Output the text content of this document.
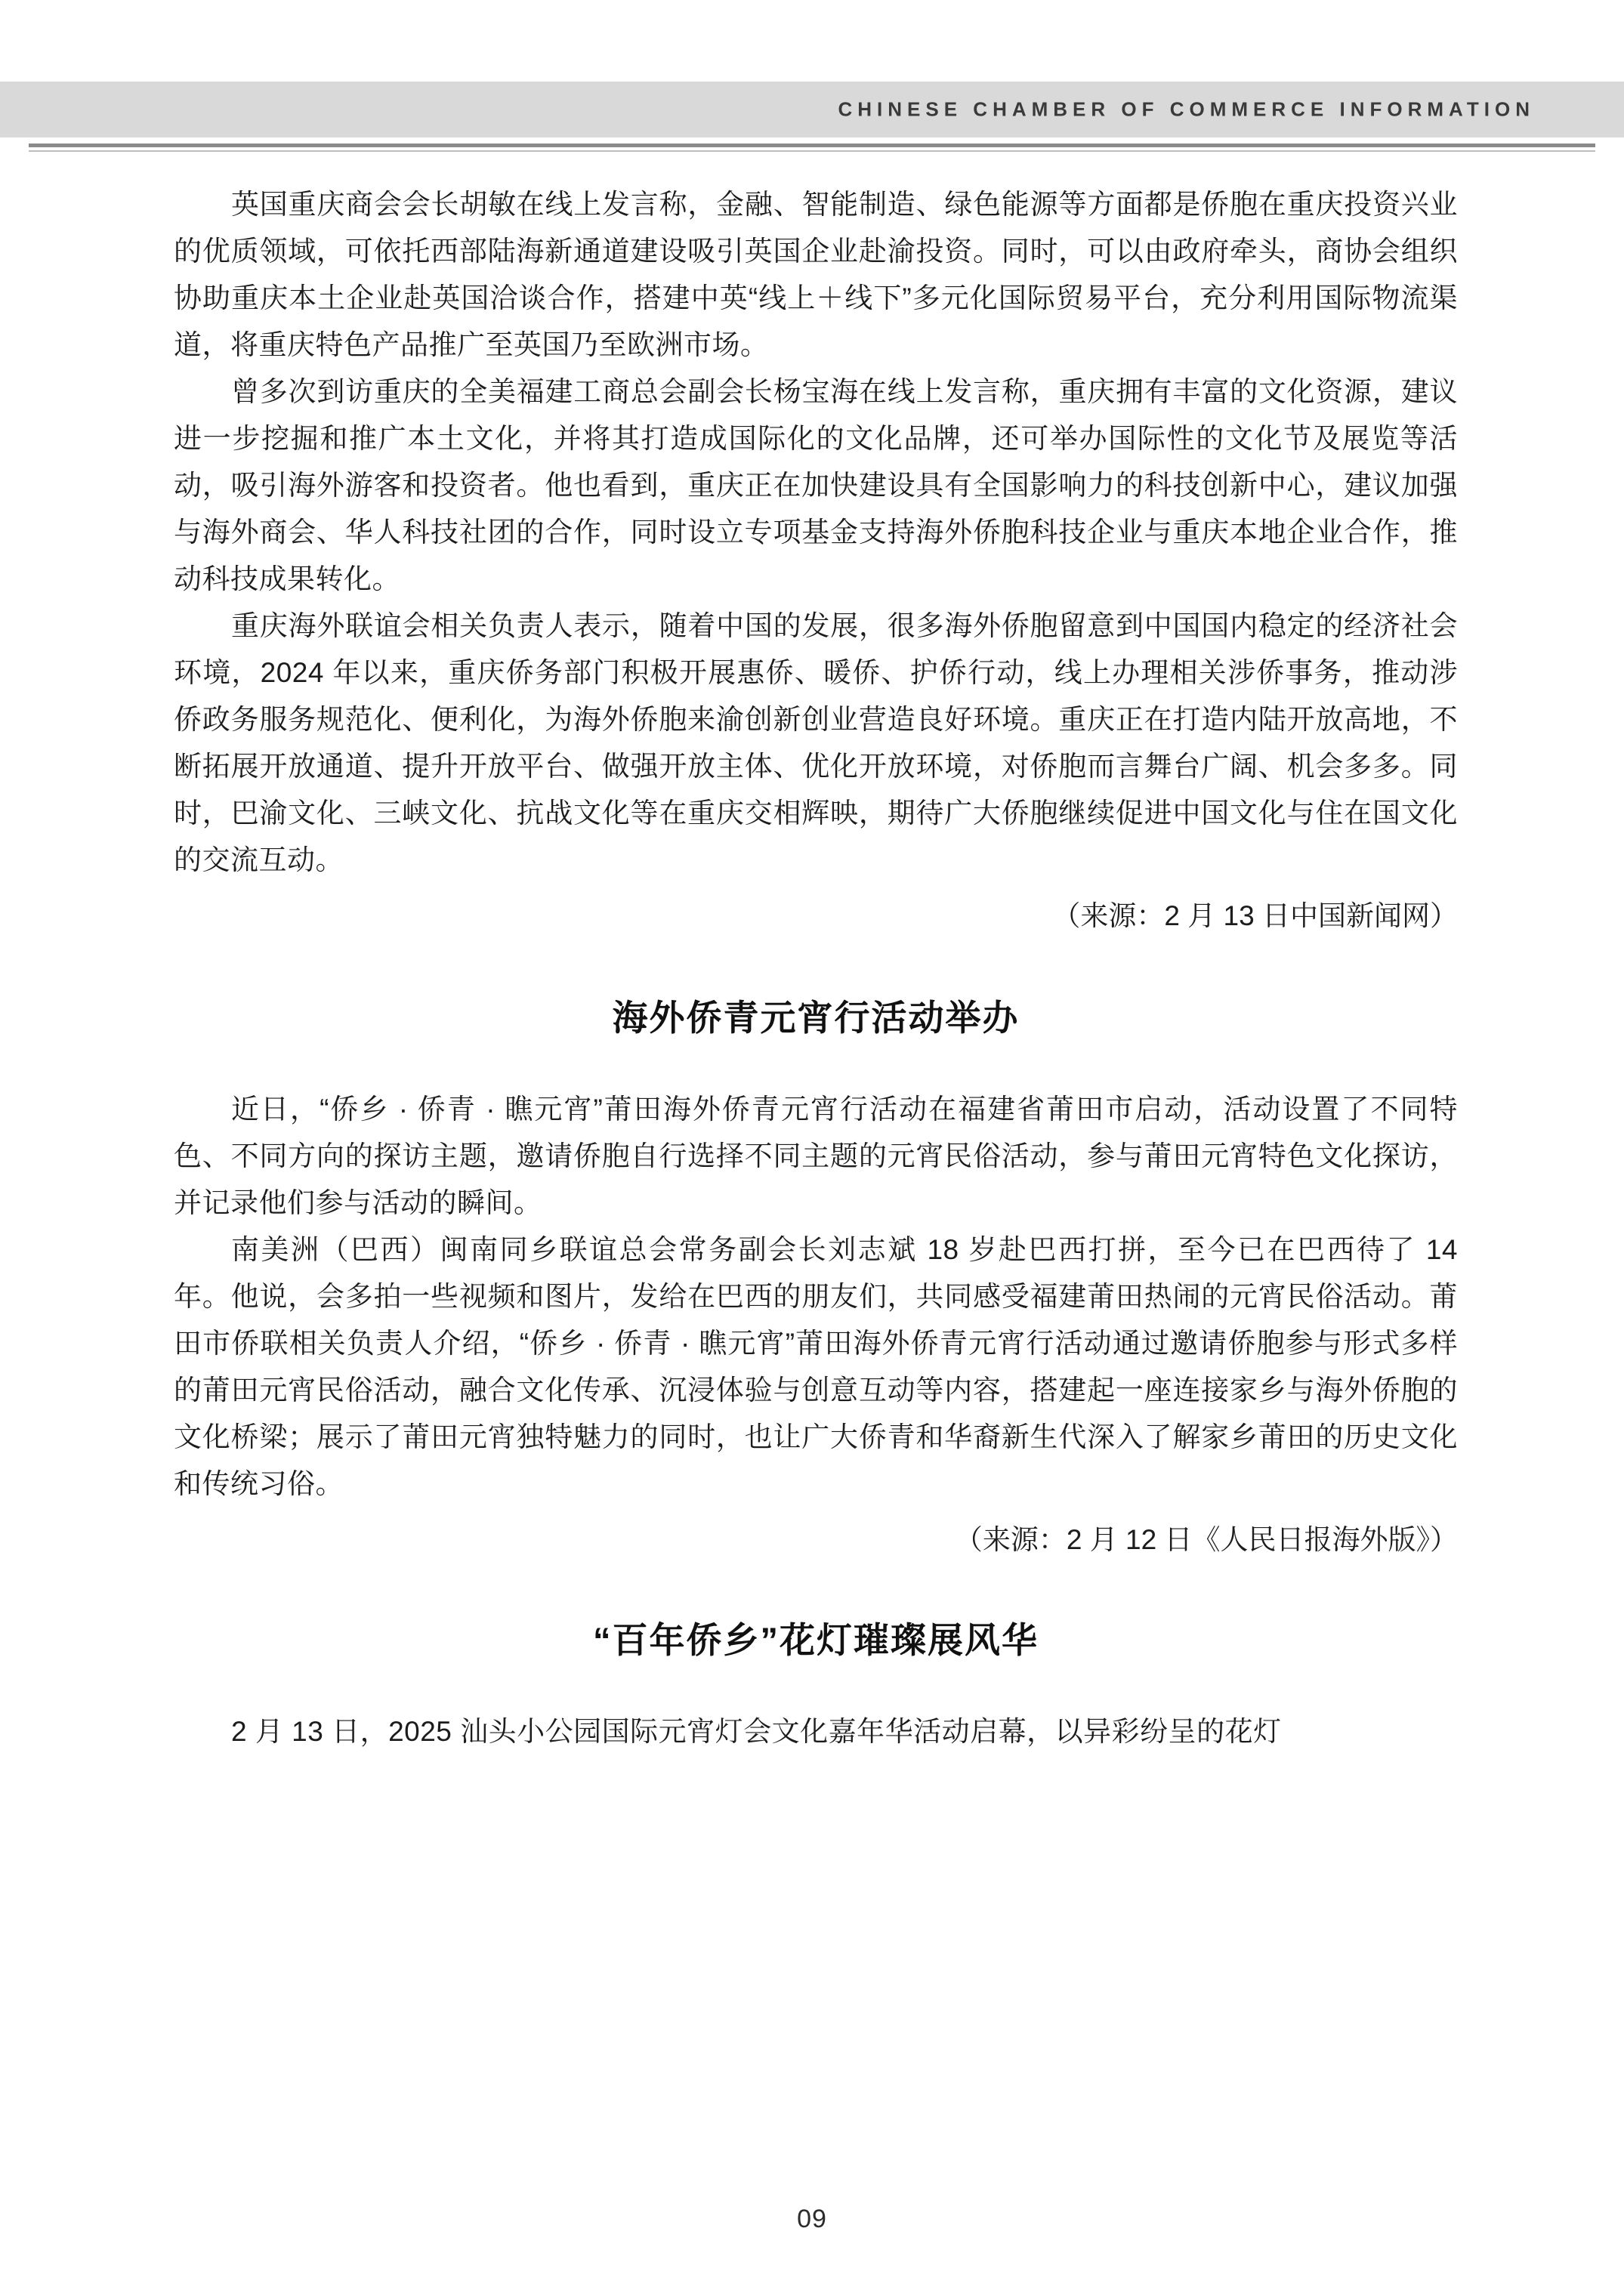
CHINESE CHAMBER OF COMMERCE INFORMATION

英国重庆商会会长胡敏在线上发言称，金融、智能制造、绿色能源等方面都是侨胞在重庆投资兴业的优质领域，可依托西部陆海新通道建设吸引英国企业赴渝投资。同时，可以由政府牵头，商协会组织协助重庆本土企业赴英国洽谈合作，搭建中英“线上＋线下”多元化国际贸易平台，充分利用国际物流渠道，将重庆特色产品推广至英国乃至欧洲市场。

曾多次到访重庆的全美福建工商总会副会长杨宝海在线上发言称，重庆拥有丰富的文化资源，建议进一步挖掘和推广本土文化，并将其打造成国际化的文化品牌，还可举办国际性的文化节及展览等活动，吸引海外游客和投资者。他也看到，重庆正在加快建设具有全国影响力的科技创新中心，建议加强与海外商会、华人科技社团的合作，同时设立专项基金支持海外侨胞科技企业与重庆本地企业合作，推动科技成果转化。

重庆海外联谊会相关负责人表示，随着中国的发展，很多海外侨胞留意到中国国内稳定的经济社会环境，2024 年以来，重庆侨务部门积极开展惠侨、暖侨、护侨行动，线上办理相关涉侨事务，推动涉侨政务服务规范化、便利化，为海外侨胞来渝创新创业营造良好环境。重庆正在打造内陆开放高地，不断拓展开放通道、提升开放平台、做强开放主体、优化开放环境，对侨胞而言舞台广阔、机会多多。同时，巴渝文化、三峡文化、抗战文化等在重庆交相辉映，期待广大侨胞继续促进中国文化与住在国文化的交流互动。

（来源：2 月 13 日中国新闻网）
海外侨青元宵行活动举办

近日，“侨乡 · 侨青 · 瞧元宵”莆田海外侨青元宵行活动在福建省莆田市启动，活动设置了不同特色、不同方向的探访主题，邀请侨胞自行选择不同主题的元宵民俗活动，参与莆田元宵特色文化探访，并记录他们参与活动的瞬间。

南美洲（巴西）闽南同乡联谊总会常务副会长刘志斌 18 岁赴巴西打拼，至今已在巴西待了 14 年。他说，会多拍一些视频和图片，发给在巴西的朋友们，共同感受福建莆田热闹的元宵民俗活动。莆田市侨联相关负责人介绍，“侨乡 · 侨青 · 瞧元宵”莆田海外侨青元宵行活动通过邀请侨胞参与形式多样的莆田元宵民俗活动，融合文化传承、沉浸体验与创意互动等内容，搭建起一座连接家乡与海外侨胞的文化桥梁；展示了莆田元宵独特魅力的同时，也让广大侨青和华裔新生代深入了解家乡莆田的历史文化和传统习俗。

（来源：2 月 12 日《人民日报海外版》）
“百年侨乡”花灯璀璨展风华

2 月 13 日，2025 汕头小公园国际元宵灯会文化嘉年华活动启幕，以异彩纷呈的花灯

09
